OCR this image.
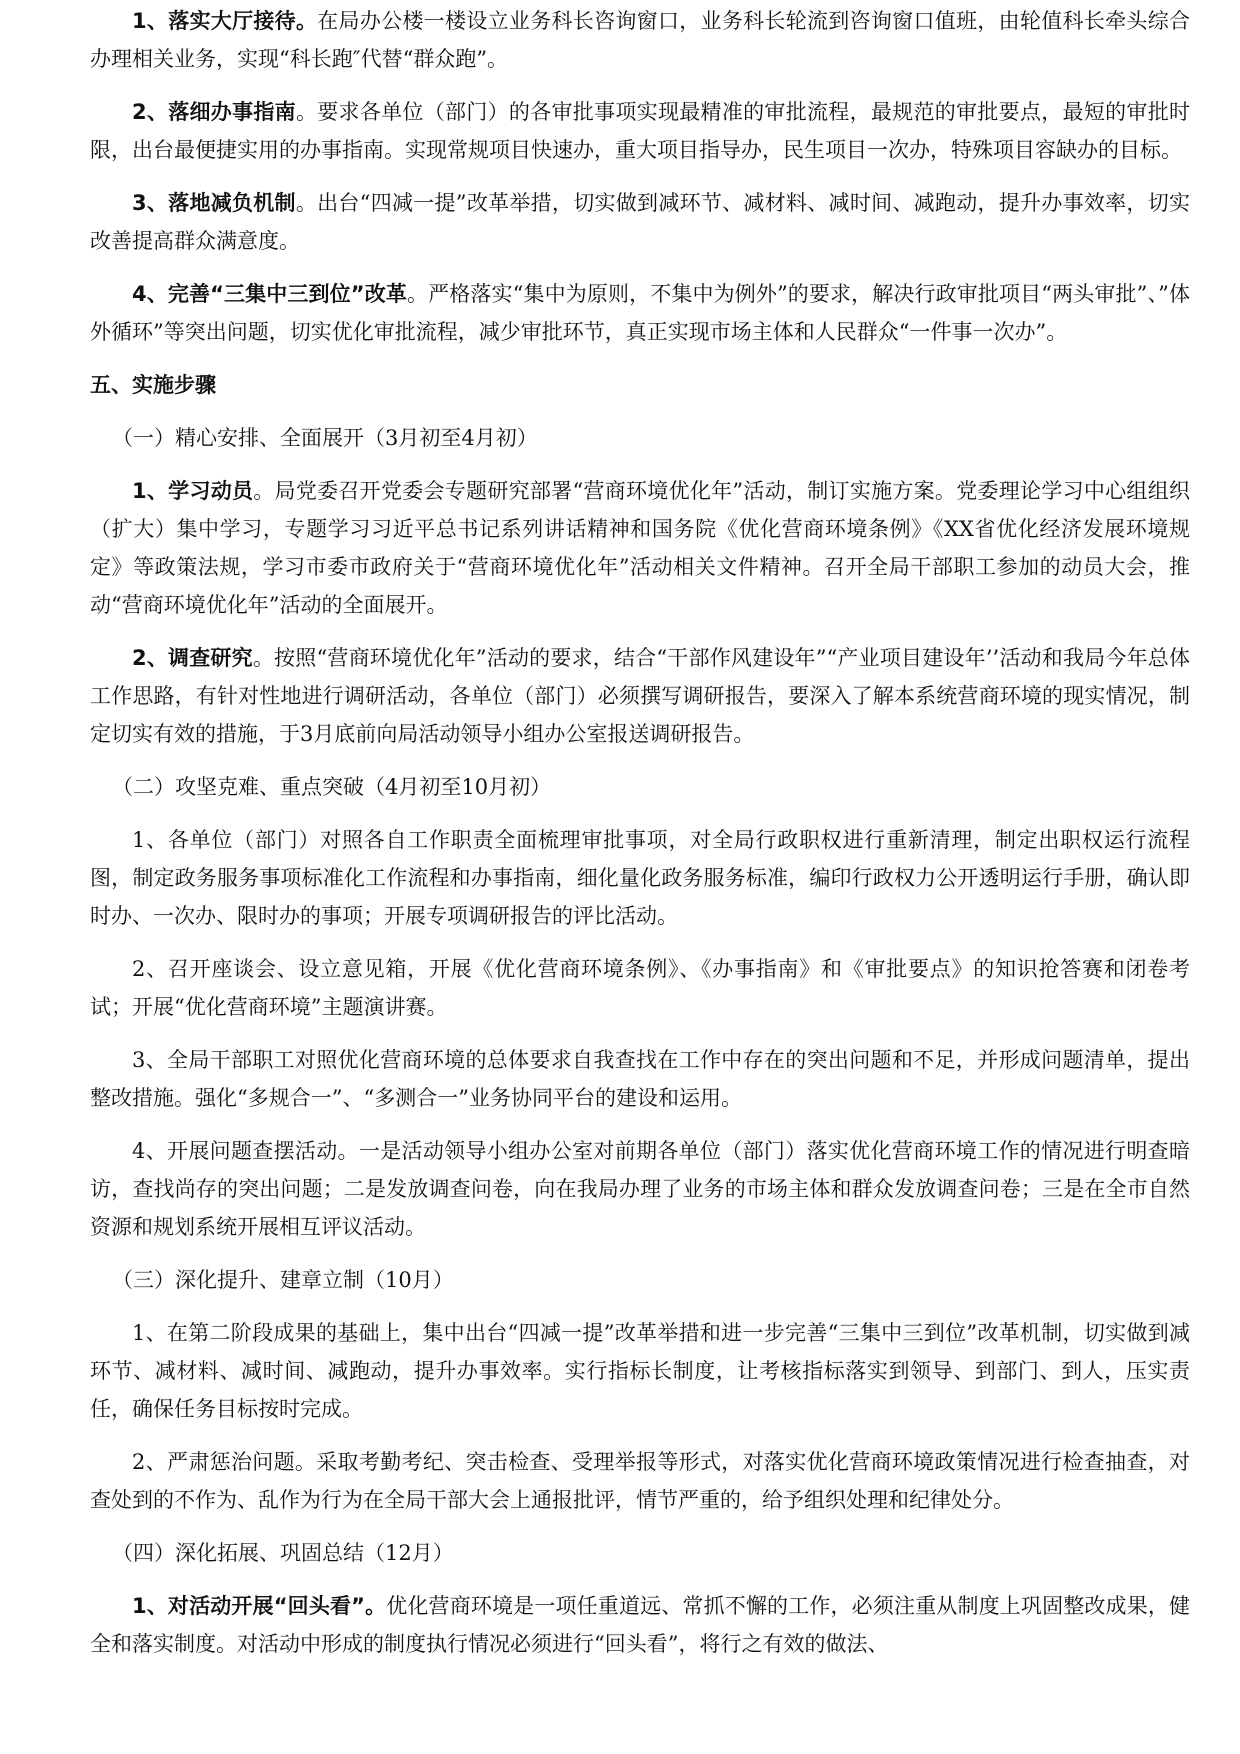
1、落实大厅接待。在局办公楼一楼设立业务科长咨询窗口，业务科长轮流到咨询窗口值班，由轮值科长牵头综合办理相关业务，实现“科长跑″代替“群众跑”。

2、落细办事指南。要求各单位（部门）的各审批事项实现最精准的审批流程，最规范的审批要点，最短的审批时限，出台最便捷实用的办事指南。实现常规项目快速办，重大项目指导办，民生项目一次办，特殊项目容缺办的目标。

3、落地减负机制。出台“四减一提”改革举措，切实做到减环节、减材料、减时间、减跑动，提升办事效率，切实改善提高群众满意度。

4、完善“三集中三到位”改革。严格落实“集中为原则，不集中为例外”的要求，解决行政审批项目“两头审批”、”体外循环”等突出问题，切实优化审批流程，减少审批环节，真正实现市场主体和人民群众“一件事一次办”。

五、实施步骤

（一）精心安排、全面展开（3月初至4月初）

1、学习动员。局党委召开党委会专题研究部署“营商环境优化年”活动，制订实施方案。党委理论学习中心组组织（扩大）集中学习，专题学习习近平总书记系列讲话精神和国务院《优化营商环境条例》《XX省优化经济发展环境规定》等政策法规，学习市委市政府关于“营商环境优化年”活动相关文件精神。召开全局干部职工参加的动员大会，推动“营商环境优化年”活动的全面展开。

2、调查研究。按照“营商环境优化年”活动的要求，结合“干部作风建设年”“产业项目建设年’’活动和我局今年总体工作思路，有针对性地进行调研活动，各单位（部门）必须撰写调研报告，要深入了解本系统营商环境的现实情况，制定切实有效的措施，于3月底前向局活动领导小组办公室报送调研报告。

（二）攻坚克难、重点突破（4月初至10月初）

1、各单位（部门）对照各自工作职责全面梳理审批事项，对全局行政职权进行重新清理，制定出职权运行流程图，制定政务服务事项标准化工作流程和办事指南，细化量化政务服务标准，编印行政权力公开透明运行手册，确认即时办、一次办、限时办的事项；开展专项调研报告的评比活动。

2、召开座谈会、设立意见箱，开展《优化营商环境条例》、《办事指南》和《审批要点》的知识抢答赛和闭卷考试；开展“优化营商环境”主题演讲赛。

3、全局干部职工对照优化营商环境的总体要求自我查找在工作中存在的突出问题和不足，并形成问题清单，提出整改措施。强化“多规合一”、“多测合一”业务协同平台的建设和运用。

4、开展问题查摆活动。一是活动领导小组办公室对前期各单位（部门）落实优化营商环境工作的情况进行明查暗访，查找尚存的突出问题；二是发放调查问卷，向在我局办理了业务的市场主体和群众发放调查问卷；三是在全市自然资源和规划系统开展相互评议活动。

（三）深化提升、建章立制（10月）

1、在第二阶段成果的基础上，集中出台“四减一提”改革举措和进一步完善“三集中三到位”改革机制，切实做到减环节、减材料、减时间、减跑动，提升办事效率。实行指标长制度，让考核指标落实到领导、到部门、到人，压实责任，确保任务目标按时完成。

2、严肃惩治问题。采取考勤考纪、突击检查、受理举报等形式，对落实优化营商环境政策情况进行检查抽查，对查处到的不作为、乱作为行为在全局干部大会上通报批评，情节严重的，给予组织处理和纪律处分。

（四）深化拓展、巩固总结（12月）

1、对活动开展“回头看”。优化营商环境是一项任重道远、常抓不懈的工作，必须注重从制度上巩固整改成果，健全和落实制度。对活动中形成的制度执行情况必须进行“回头看”，将行之有效的做法、
